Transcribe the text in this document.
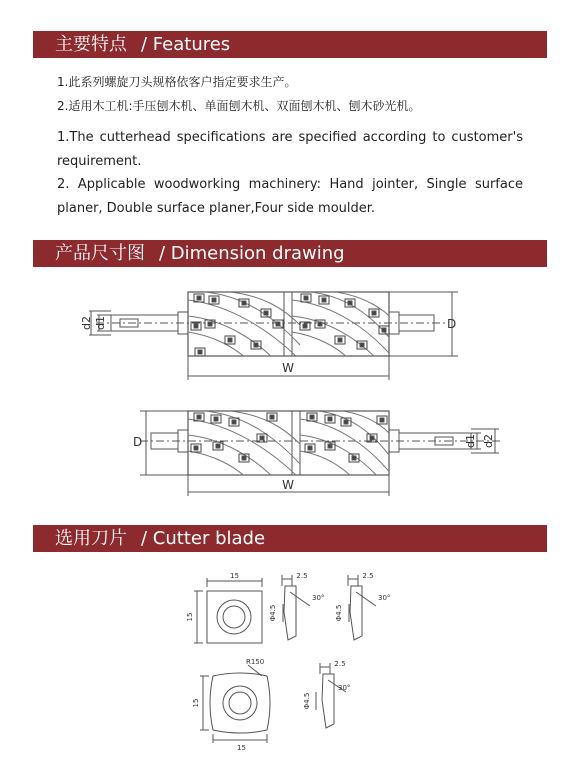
主要特点 / Features
1.此系列螺旋刀头规格依客户指定要求生产。
2.适用木工机:手压刨木机、单面刨木机、双面刨木机、刨木砂光机。
1.The cutterhead specifications are specified according to customer's requirement.
2. Applicable woodworking machinery: Hand jointer, Single surface planer, Double surface planer,Four side moulder.
产品尺寸图 / Dimension drawing
选用刀片 / Cutter blade
d2 d1	D
W
D	d1 d2
W
15
15
2.5
Φ4.5
30°
2.5
Φ4.5
30°
R150
15
15
2.5
Φ4.5
30°
